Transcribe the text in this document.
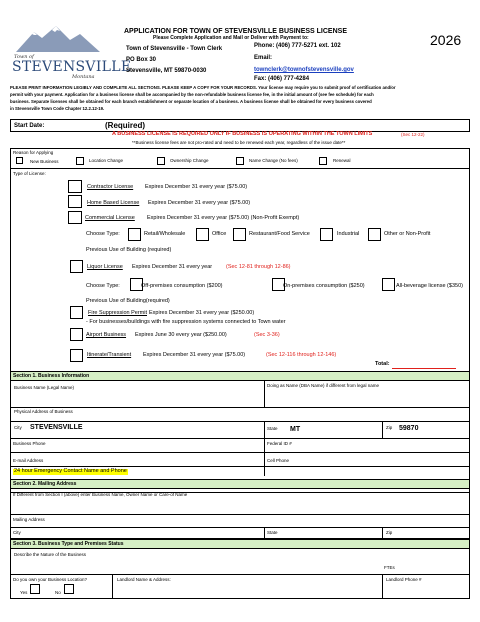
Town of
STEVENSVILLE
Montana
APPLICATION FOR TOWN OF STEVENSVILLE BUSINESS LICENSE
Please Complete Application and Mail or Deliver with Payment to:
Town of Stevensville - Town Clerk
PO Box 30
Stevensville, MT 59870-0030
Phone: (406) 777-5271 ext. 102
Email:
townclerk@townofstevensville.gov
Fax: (406) 777-4284
2026
PLEASE PRINT INFORMATION LEGIBLY AND COMPLETE ALL SECTIONS. PLEASE KEEP A COPY FOR YOUR RECORDS. Your license may require you to submit proof of certification and/or
permit with your payment. Application for a business license shall be accompanied by the non-refundable business license fee, in the initial amount of (see fee schedule) for each
business. Separate licenses shall be obtained for each branch establishment or separate location of a business. A business license shall be obtained for every business covered
in Stevensville Town Code Chapter 12.2.12-19.
Start Date:	(Required)
A BUSINESS LICENSE IS REQUIRED ONLY IF BUSINESS IS OPERATING WITHIN THE TOWN LIMITS	(Sec 12-22)
**Business license fees are not pro-rated and need to be renewed each year, regardless of the issue date**
Reason for Applying
New Business	Location Change	Ownership Change	Name Change (No fees)	Renewal
Type of License:
Contractor License Expires December 31 every year ($75.00)
Home Based License Expires December 31 every year ($75.00)
Commercial License Expires December 31 every year ($75.00) (Non-Profit Exempt)
Choose Type:	Retail/Wholesale	Office	Restaurant/Food Service	Industrial	Other or Non-Profit
Previous Use of Building (required)
Liquor License Expires December 31 every year	(Sec 12-81 through 12-86)
Choose Type:	Off-premises consumption ($200)	On-premises consumption ($250)	All-beverage license ($350)
Previous Use of Building(required)
Fire Suppression Permit Expires December 31 every year ($250.00)
- For businesses/buildings with fire suppression systems connected to Town water
Airport Business Expires June 30 every year ($250.00)	(Sec 3-36)
Itinerate/Transient Expires December 31 every year ($75.00)	(Sec 12-116 through 12-146)
Total:
Section 1. Business Information
Business Name (Legal Name)	Doing as Name (DBA Name) if different from legal name
Physical Address of Business
City STEVENSVILLE	State MT	Zip 59870
Business Phone	Federal ID #
E-mail Address	Cell Phone
24 hour Emergency Contact Name and Phone
Section 2. Mailing Address
If Different from Section I (above) enter Business Name, Owner Name or Care-of Name
Mailing Address
City	State	Zip
Section 3. Business Type and Premises Status
Describe the Nature of the Business
FTEs
Do you own your Business Location?
Yes	No
Landlord Name & Address:	Landlord Phone #
